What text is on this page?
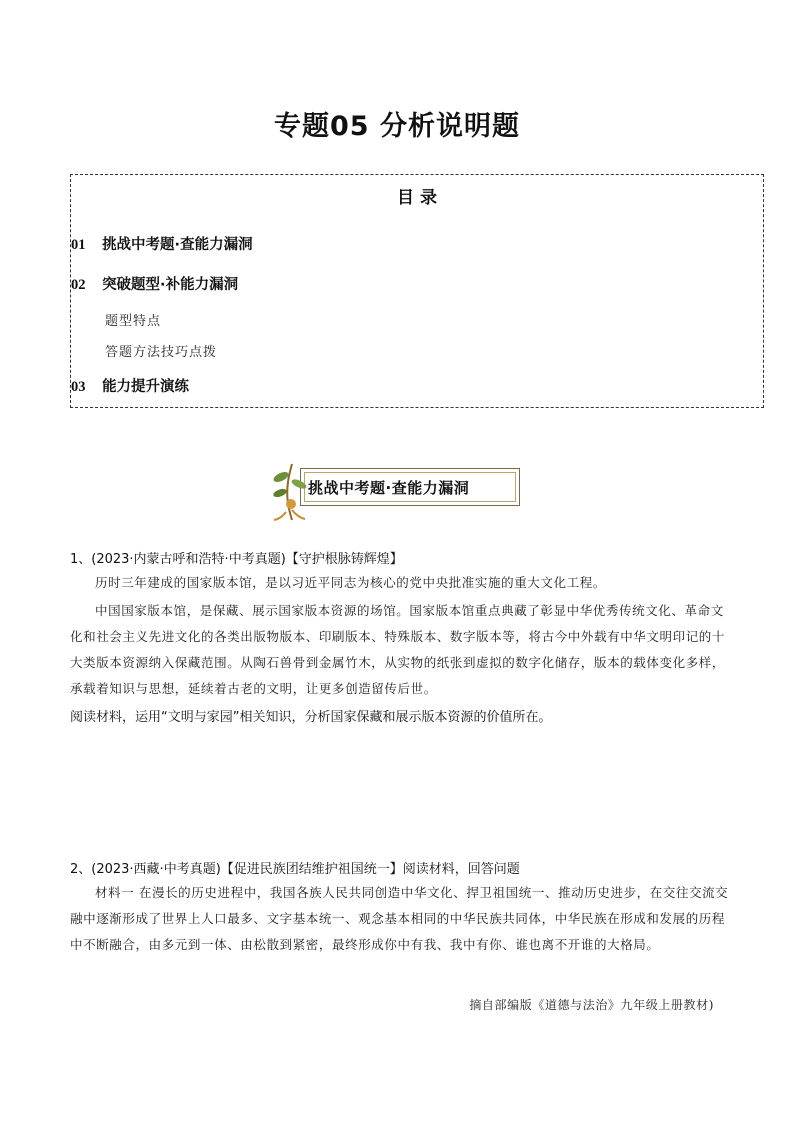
专题05 分析说明题
目 录
01 挑战中考题·查能力漏洞
02 突破题型·补能力漏洞
题型特点
答题方法技巧点拨
03 能力提升演练
挑战中考题·查能力漏洞
1、(2023·内蒙古呼和浩特·中考真题)【守护根脉铸辉煌】
历时三年建成的国家版本馆，是以习近平同志为核心的党中央批准实施的重大文化工程。
中国国家版本馆，是保藏、展示国家版本资源的场馆。国家版本馆重点典藏了彰显中华优秀传统文化、革命文化和社会主义先进文化的各类出版物版本、印刷版本、特殊版本、数字版本等，将古今中外载有中华文明印记的十大类版本资源纳入保藏范围。从陶石兽骨到金属竹木，从实物的纸张到虚拟的数字化储存，版本的载体变化多样，承载着知识与思想，延续着古老的文明，让更多创造留传后世。
阅读材料，运用“文明与家园”相关知识，分析国家保藏和展示版本资源的价值所在。
2、(2023·西藏·中考真题)【促进民族团结维护祖国统一】阅读材料，回答问题
材料一 在漫长的历史进程中，我国各族人民共同创造中华文化、捍卫祖国统一、推动历史进步，在交往交流交融中逐渐形成了世界上人口最多、文字基本统一、观念基本相同的中华民族共同体，中华民族在形成和发展的历程中不断融合，由多元到一体、由松散到紧密，最终形成你中有我、我中有你、谁也离不开谁的大格局。
摘自部编版《道德与法治》九年级上册教材)
